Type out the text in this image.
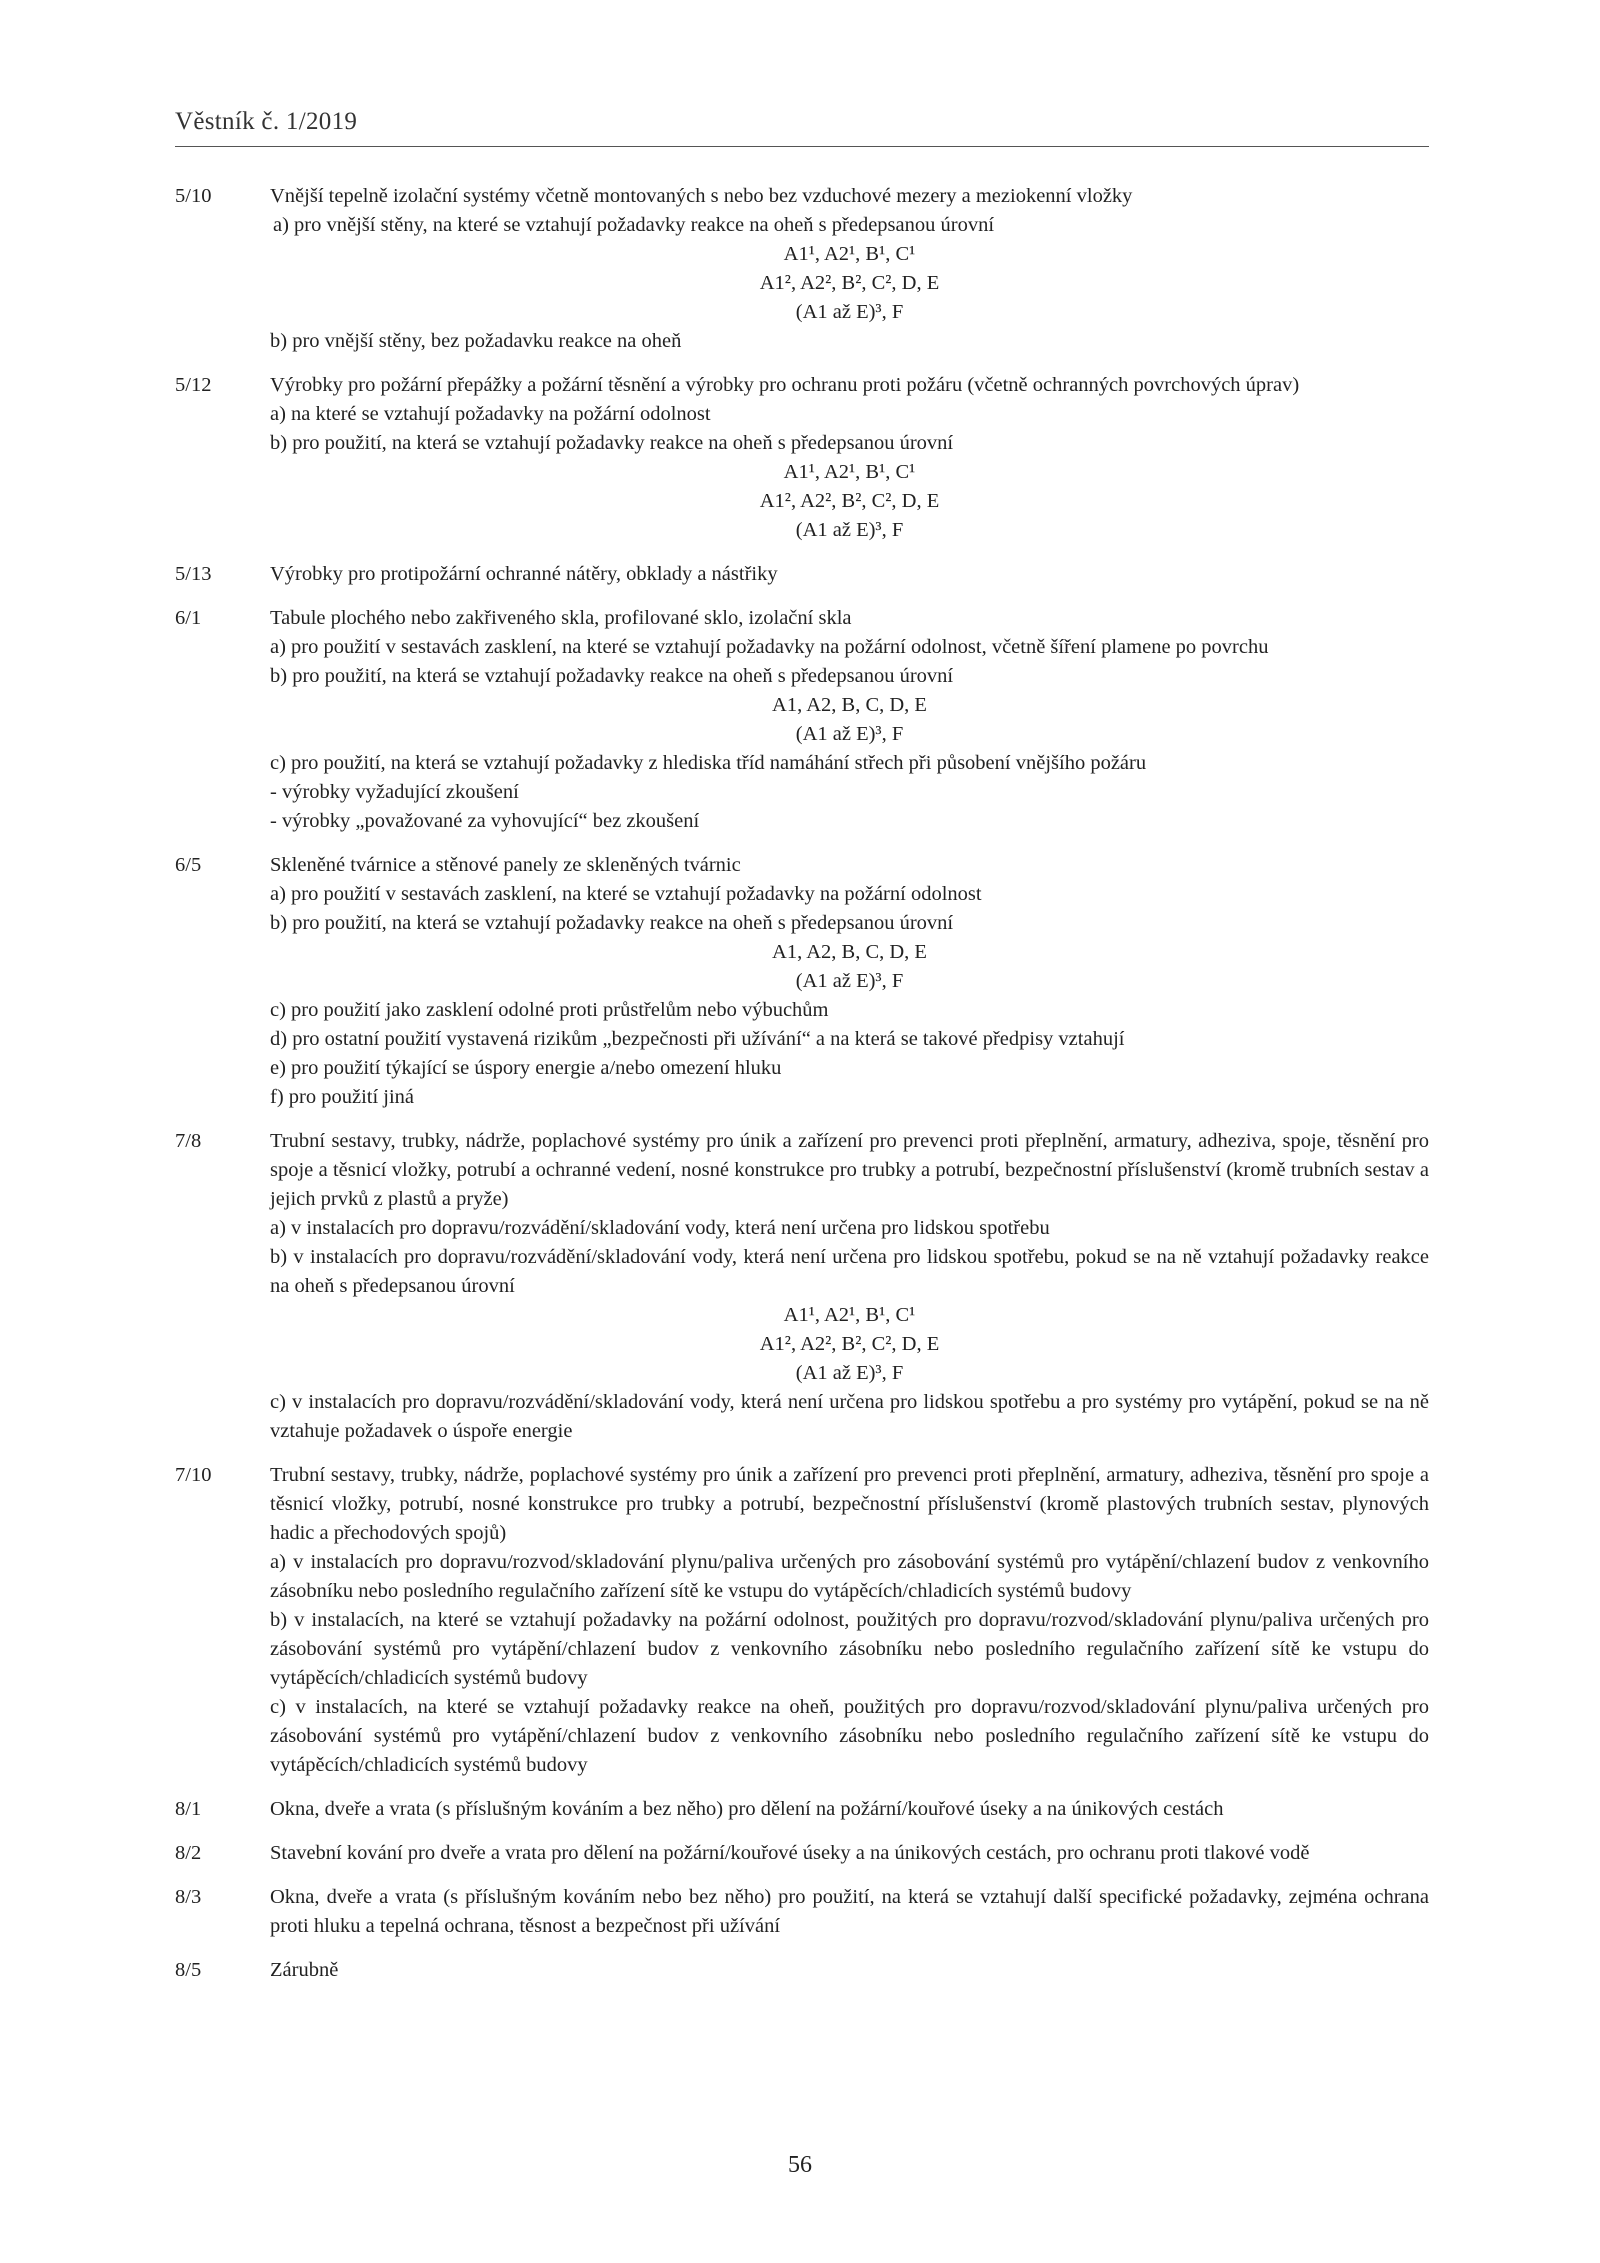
Věstník č. 1/2019
5/10	Vnější tepelně izolační systémy včetně montovaných s nebo bez vzduchové mezery a meziokenní vložky
a) pro vnější stěny, na které se vztahují požadavky reakce na oheň s předepsanou úrovní
A1¹, A2¹, B¹, C¹
A1², A2², B², C², D, E
(A1 až E)³, F
b) pro vnější stěny, bez požadavku reakce na oheň
5/12	Výrobky pro požární přepážky a požární těsnění a výrobky pro ochranu proti požáru (včetně ochranných povrchových úprav)
a) na které se vztahují požadavky na požární odolnost
b) pro použití, na která se vztahují požadavky reakce na oheň s předepsanou úrovní
A1¹, A2¹, B¹, C¹
A1², A2², B², C², D, E
(A1 až E)³, F
5/13	Výrobky pro protipožární ochranné nátěry, obklady a nástřiky
6/1	Tabule plochého nebo zakřiveného skla, profilované sklo, izolační skla
a) pro použití v sestavách zasklení, na které se vztahují požadavky na požární odolnost, včetně šíření plamene po povrchu
b) pro použití, na která se vztahují požadavky reakce na oheň s předepsanou úrovní
A1, A2, B, C, D, E
(A1 až E)³, F
c) pro použití, na která se vztahují požadavky z hlediska tříd namáhání střech při působení vnějšího požáru
- výrobky vyžadující zkoušení
- výrobky „považované za vyhovující“ bez zkoušení
6/5	Skleněné tvárnice a stěnové panely ze skleněných tvárnic
a) pro použití v sestavách zasklení, na které se vztahují požadavky na požární odolnost
b) pro použití, na která se vztahují požadavky reakce na oheň s předepsanou úrovní
A1, A2, B, C, D, E
(A1 až E)³, F
c) pro použití jako zasklení odolné proti průstřelům nebo výbuchům
d) pro ostatní použití vystavená rizikům „bezpečnosti při užívání“ a na která se takové předpisy vztahují
e) pro použití týkající se úspory energie a/nebo omezení hluku
f) pro použití jiná
7/8	Trubní sestavy, trubky, nádrže, poplachové systémy pro únik a zařízení pro prevenci proti přeplnění, armatury, adheziva, spoje, těsnění pro spoje a těsnicí vložky, potrubí a ochranné vedení, nosné konstrukce pro trubky a potrubí, bezpečnostní příslušenství (kromě trubních sestav a jejich prvků z plastů a pryže)
a) v instalacích pro dopravu/rozvádění/skladování vody, která není určena pro lidskou spotřebu
b) v instalacích pro dopravu/rozvádění/skladování vody, která není určena pro lidskou spotřebu, pokud se na ně vztahují požadavky reakce na oheň s předepsanou úrovní
A1¹, A2¹, B¹, C¹
A1², A2², B², C², D, E
(A1 až E)³, F
c) v instalacích pro dopravu/rozvádění/skladování vody, která není určena pro lidskou spotřebu a pro systémy pro vytápění, pokud se na ně vztahuje požadavek o úspoře energie
7/10	Trubní sestavy, trubky, nádrže, poplachové systémy pro únik a zařízení pro prevenci proti přeplnění, armatury, adheziva, těsnění pro spoje a těsnicí vložky, potrubí, nosné konstrukce pro trubky a potrubí, bezpečnostní příslušenství (kromě plastových trubních sestav, plynových hadic a přechodových spojů)
a) v instalacích pro dopravu/rozvod/skladování plynu/paliva určených pro zásobování systémů pro vytápění/chlazení budov z venkovního zásobníku nebo posledního regulačního zařízení sítě ke vstupu do vytápěcích/chladicích systémů budovy
b) v instalacích, na které se vztahují požadavky na požární odolnost, použitých pro dopravu/rozvod/skladování plynu/paliva určených pro zásobování systémů pro vytápění/chlazení budov z venkovního zásobníku nebo posledního regulačního zařízení sítě ke vstupu do vytápěcích/chladicích systémů budovy
c) v instalacích, na které se vztahují požadavky reakce na oheň, použitých pro dopravu/rozvod/skladování plynu/paliva určených pro zásobování systémů pro vytápění/chlazení budov z venkovního zásobníku nebo posledního regulačního zařízení sítě ke vstupu do vytápěcích/chladicích systémů budovy
8/1	Okna, dveře a vrata (s příslušným kováním a bez něho) pro dělení na požární/kouřové úseky a na únikových cestách
8/2	Stavební kování pro dveře a vrata pro dělení na požární/kouřové úseky a na únikových cestách, pro ochranu proti tlakové vodě
8/3	Okna, dveře a vrata (s příslušným kováním nebo bez něho) pro použití, na která se vztahují další specifické požadavky, zejména ochrana proti hluku a tepelná ochrana, těsnost a bezpečnost při užívání
8/5	Zárubně
56
